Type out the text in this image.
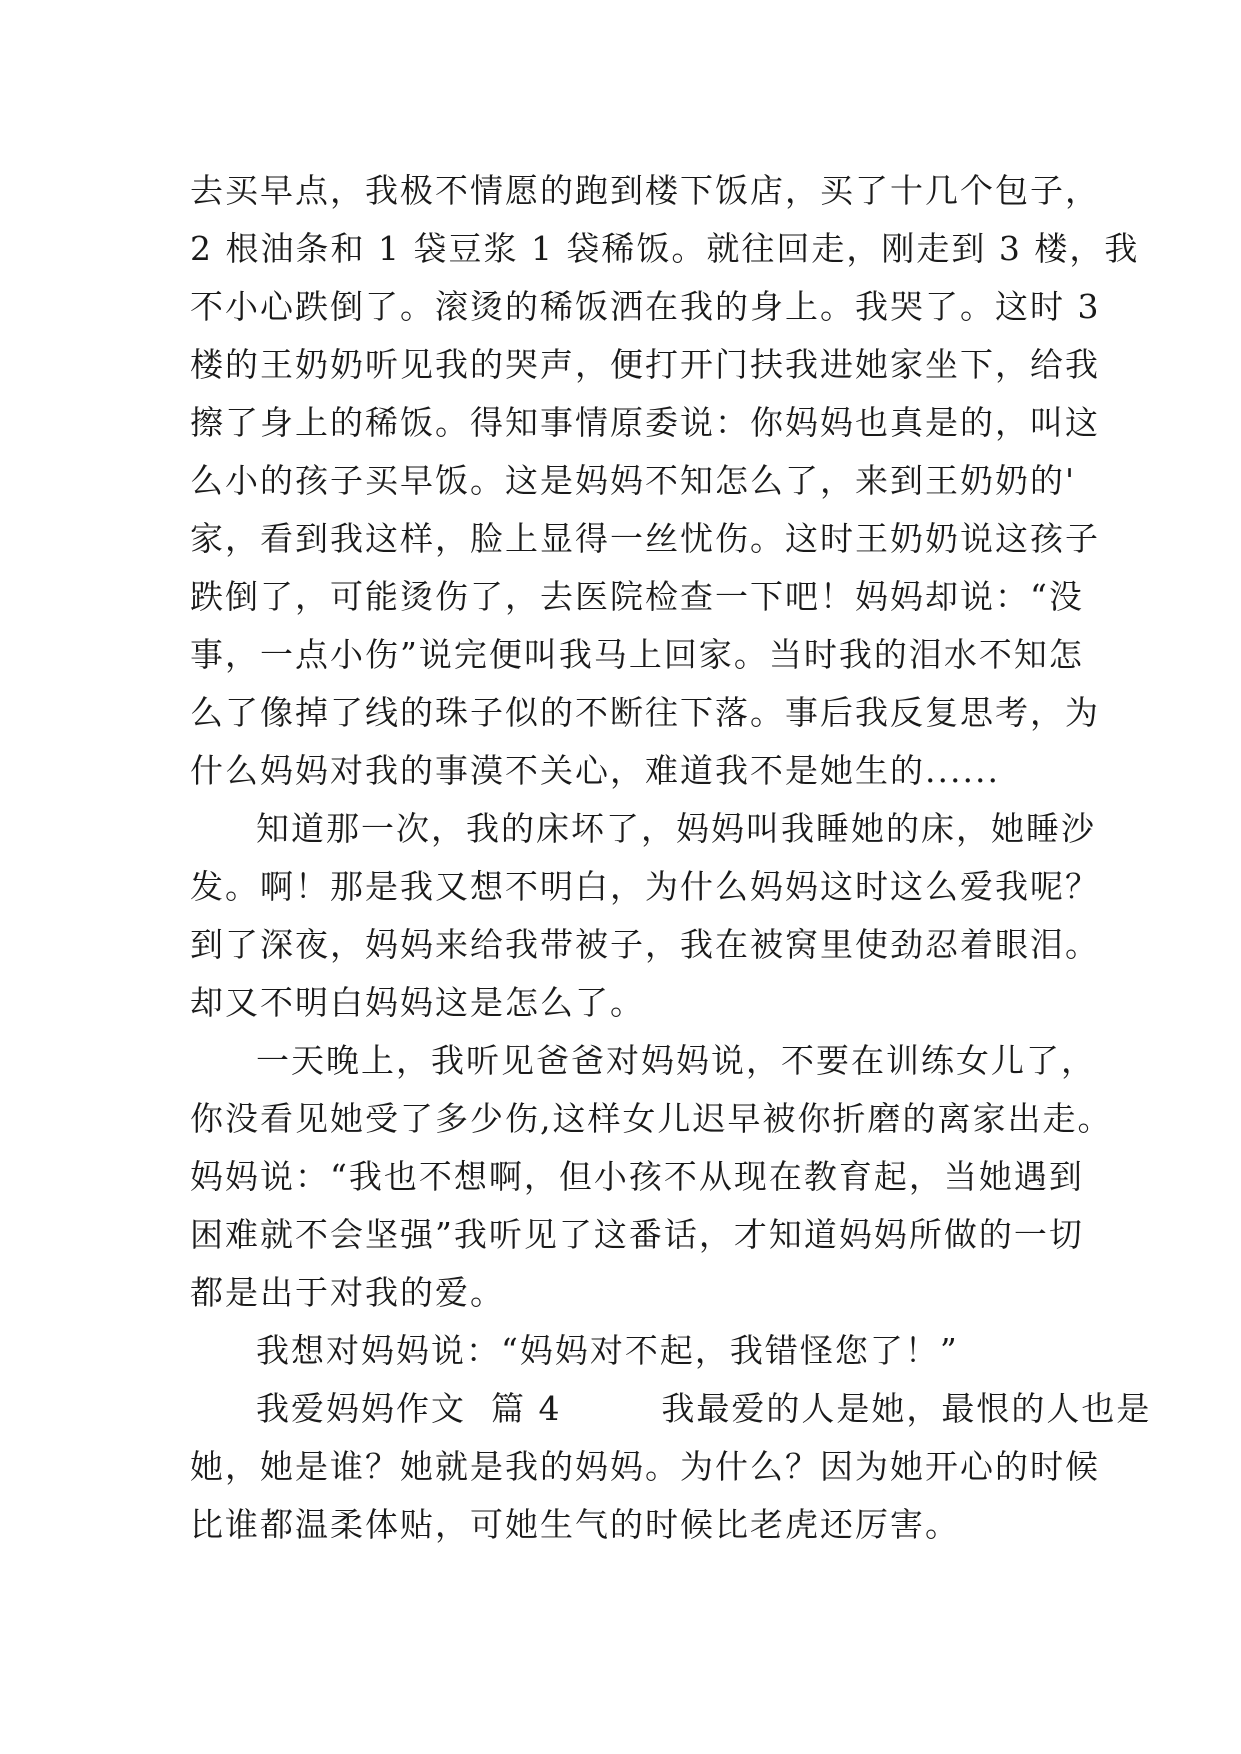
去买早点，我极不情愿的跑到楼下饭店，买了十几个包子，
2 根油条和 1 袋豆浆 1 袋稀饭。就往回走，刚走到 3 楼，我
不小心跌倒了。滚烫的稀饭洒在我的身上。我哭了。这时 3
楼的王奶奶听见我的哭声，便打开门扶我进她家坐下，给我
擦了身上的稀饭。得知事情原委说：你妈妈也真是的，叫这
么小的孩子买早饭。这是妈妈不知怎么了，来到王奶奶的'
家，看到我这样，脸上显得一丝忧伤。这时王奶奶说这孩子
跌倒了，可能烫伤了，去医院检查一下吧！妈妈却说：“没
事，一点小伤”说完便叫我马上回家。当时我的泪水不知怎
么了像掉了线的珠子似的不断往下落。事后我反复思考，为
什么妈妈对我的事漠不关心，难道我不是她生的......
知道那一次，我的床坏了，妈妈叫我睡她的床，她睡沙
发。啊！那是我又想不明白，为什么妈妈这时这么爱我呢？
到了深夜，妈妈来给我带被子，我在被窝里使劲忍着眼泪。
却又不明白妈妈这是怎么了。
一天晚上，我听见爸爸对妈妈说，不要在训练女儿了，
你没看见她受了多少伤,这样女儿迟早被你折磨的离家出走。
妈妈说：“我也不想啊，但小孩不从现在教育起，当她遇到
困难就不会坚强”我听见了这番话，才知道妈妈所做的一切
都是出于对我的爱。
我想对妈妈说：“妈妈对不起，我错怪您了！”
我爱妈妈作文  篇 4        我最爱的人是她，最恨的人也是
她，她是谁？她就是我的妈妈。为什么？因为她开心的时候
比谁都温柔体贴，可她生气的时候比老虎还厉害。
